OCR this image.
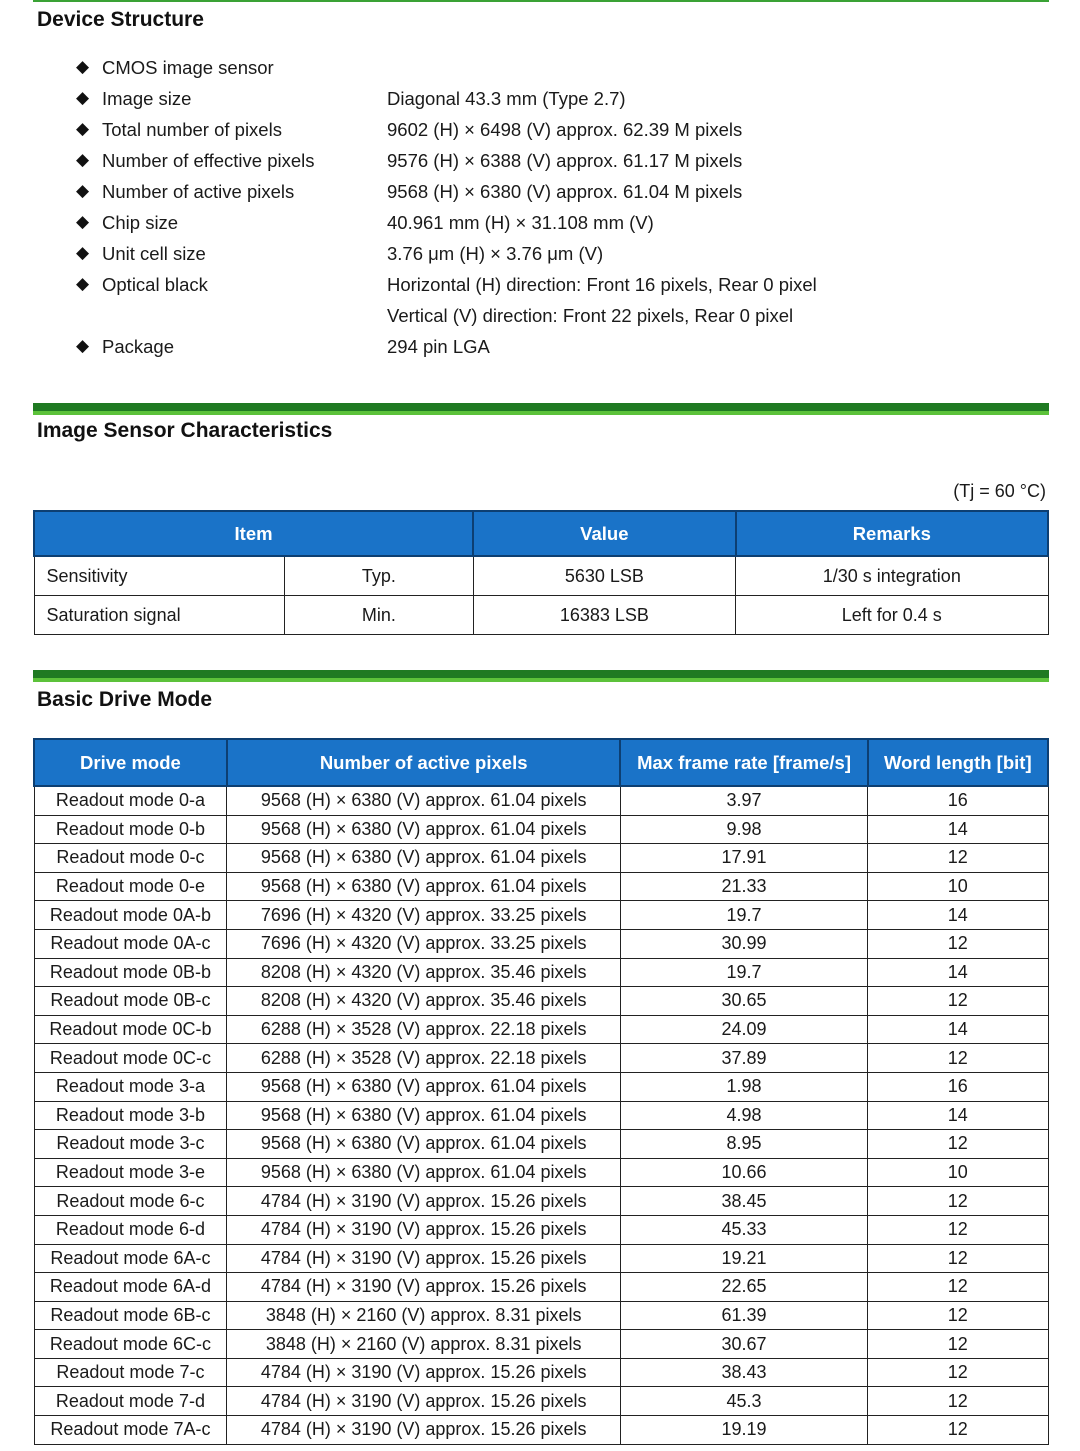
Device Structure
◆ CMOS image sensor
◆ Image size	Diagonal 43.3 mm (Type 2.7)
◆ Total number of pixels	9602 (H) × 6498 (V) approx. 62.39 M pixels
◆ Number of effective pixels	9576 (H) × 6388 (V) approx. 61.17 M pixels
◆ Number of active pixels	9568 (H) × 6380 (V) approx. 61.04 M pixels
◆ Chip size	40.961 mm (H) × 31.108 mm (V)
◆ Unit cell size	3.76 μm (H) × 3.76 μm (V)
◆ Optical black	Horizontal (H) direction: Front 16 pixels, Rear 0 pixel
Vertical (V) direction: Front 22 pixels, Rear 0 pixel
◆ Package	294 pin LGA
Image Sensor Characteristics
(Tj = 60 °C)
Item		Value	Remarks
Sensitivity	Typ.	5630 LSB	1/30 s integration
Saturation signal	Min.	16383 LSB	Left for 0.4 s
Basic Drive Mode
Drive mode	Number of active pixels	Max frame rate [frame/s]	Word length [bit]
Readout mode 0-a	9568 (H) × 6380 (V) approx. 61.04 pixels	3.97	16
Readout mode 0-b	9568 (H) × 6380 (V) approx. 61.04 pixels	9.98	14
Readout mode 0-c	9568 (H) × 6380 (V) approx. 61.04 pixels	17.91	12
Readout mode 0-e	9568 (H) × 6380 (V) approx. 61.04 pixels	21.33	10
Readout mode 0A-b	7696 (H) × 4320 (V) approx. 33.25 pixels	19.7	14
Readout mode 0A-c	7696 (H) × 4320 (V) approx. 33.25 pixels	30.99	12
Readout mode 0B-b	8208 (H) × 4320 (V) approx. 35.46 pixels	19.7	14
Readout mode 0B-c	8208 (H) × 4320 (V) approx. 35.46 pixels	30.65	12
Readout mode 0C-b	6288 (H) × 3528 (V) approx. 22.18 pixels	24.09	14
Readout mode 0C-c	6288 (H) × 3528 (V) approx. 22.18 pixels	37.89	12
Readout mode 3-a	9568 (H) × 6380 (V) approx. 61.04 pixels	1.98	16
Readout mode 3-b	9568 (H) × 6380 (V) approx. 61.04 pixels	4.98	14
Readout mode 3-c	9568 (H) × 6380 (V) approx. 61.04 pixels	8.95	12
Readout mode 3-e	9568 (H) × 6380 (V) approx. 61.04 pixels	10.66	10
Readout mode 6-c	4784 (H) × 3190 (V) approx. 15.26 pixels	38.45	12
Readout mode 6-d	4784 (H) × 3190 (V) approx. 15.26 pixels	45.33	12
Readout mode 6A-c	4784 (H) × 3190 (V) approx. 15.26 pixels	19.21	12
Readout mode 6A-d	4784 (H) × 3190 (V) approx. 15.26 pixels	22.65	12
Readout mode 6B-c	3848 (H) × 2160 (V) approx. 8.31 pixels	61.39	12
Readout mode 6C-c	3848 (H) × 2160 (V) approx. 8.31 pixels	30.67	12
Readout mode 7-c	4784 (H) × 3190 (V) approx. 15.26 pixels	38.43	12
Readout mode 7-d	4784 (H) × 3190 (V) approx. 15.26 pixels	45.3	12
Readout mode 7A-c	4784 (H) × 3190 (V) approx. 15.26 pixels	19.19	12
